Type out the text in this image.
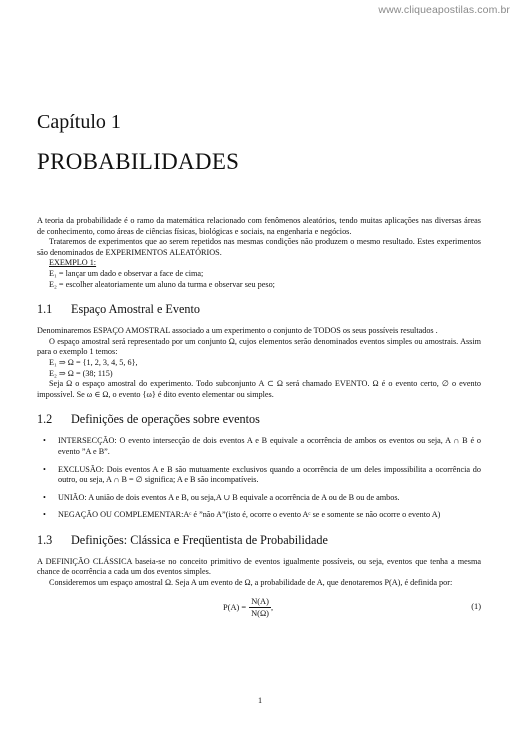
www.cliqueapostilas.com.br
Capítulo 1
PROBABILIDADES

A teoria da probabilidade é o ramo da matemática relacionado com fenômenos aleatórios, tendo muitas aplicações nas diversas áreas de conhecimento, como áreas de ciências físicas, biológicas e sociais, na engenharia e negócios.

Trataremos de experimentos que ao serem repetidos nas mesmas condições não produzem o mesmo resultado. Estes experimentos são denominados de EXPERIMENTOS ALEATÓRIOS.

EXEMPLO 1:
E₁ = lançar um dado e observar a face de cima;
E₂ = escolher aleatoriamente um aluno da turma e observar seu peso;
1.1	Espaço Amostral e Evento

Denominaremos ESPAÇO AMOSTRAL associado a um experimento o conjunto de TODOS os seus possíveis resultados .

O espaço amostral será representado por um conjunto Ω, cujos elementos serão denominados eventos simples ou amostrais. Assim para o exemplo 1 temos:

E₁ ⇒ Ω = {1, 2, 3, 4, 5, 6},
E₂ ⇒ Ω = (38; 115)

Seja Ω o espaço amostral do experimento. Todo subconjunto A ⊂ Ω será chamado EVENTO. Ω é o evento certo, ∅ o evento impossível. Se ω ∈ Ω, o evento {ω} é dito evento elementar ou simples.

1.2	Definições de operações sobre eventos
• INTERSECÇÃO: O evento intersecção de dois eventos A e B equivale a ocorrência de ambos os eventos ou seja, A ∩ B é o evento ”A e B”.
• EXCLUSÃO: Dois eventos A e B são mutuamente exclusivos quando a ocorrência de um deles impossibilita a ocorrência do outro, ou seja, A ∩ B = ∅ significa; A e B são incompatíveis.
• UNIÃO: A união de dois eventos A e B, ou seja,A ∪ B equivale a ocorrência de A ou de B ou de ambos.
• NEGAÇÃO OU COMPLEMENTAR:Aᶜ é ”não A”(isto é, ocorre o evento Aᶜ se e somente se não ocorre o evento A)
1.3	Definições: Clássica e Freqüentista de Probabilidade

A DEFINIÇÃO CLÁSSICA baseia-se no conceito primitivo de eventos igualmente possíveis, ou seja, eventos que tenha a mesma chance de ocorrência a cada um dos eventos simples.

Consideremos um espaço amostral Ω. Seja A um evento de Ω, a probabilidade de A, que denotaremos P(A), é definida por:

$P(A) = \frac{N(A)}{N(\Omega)}$ ,	(1)
1
